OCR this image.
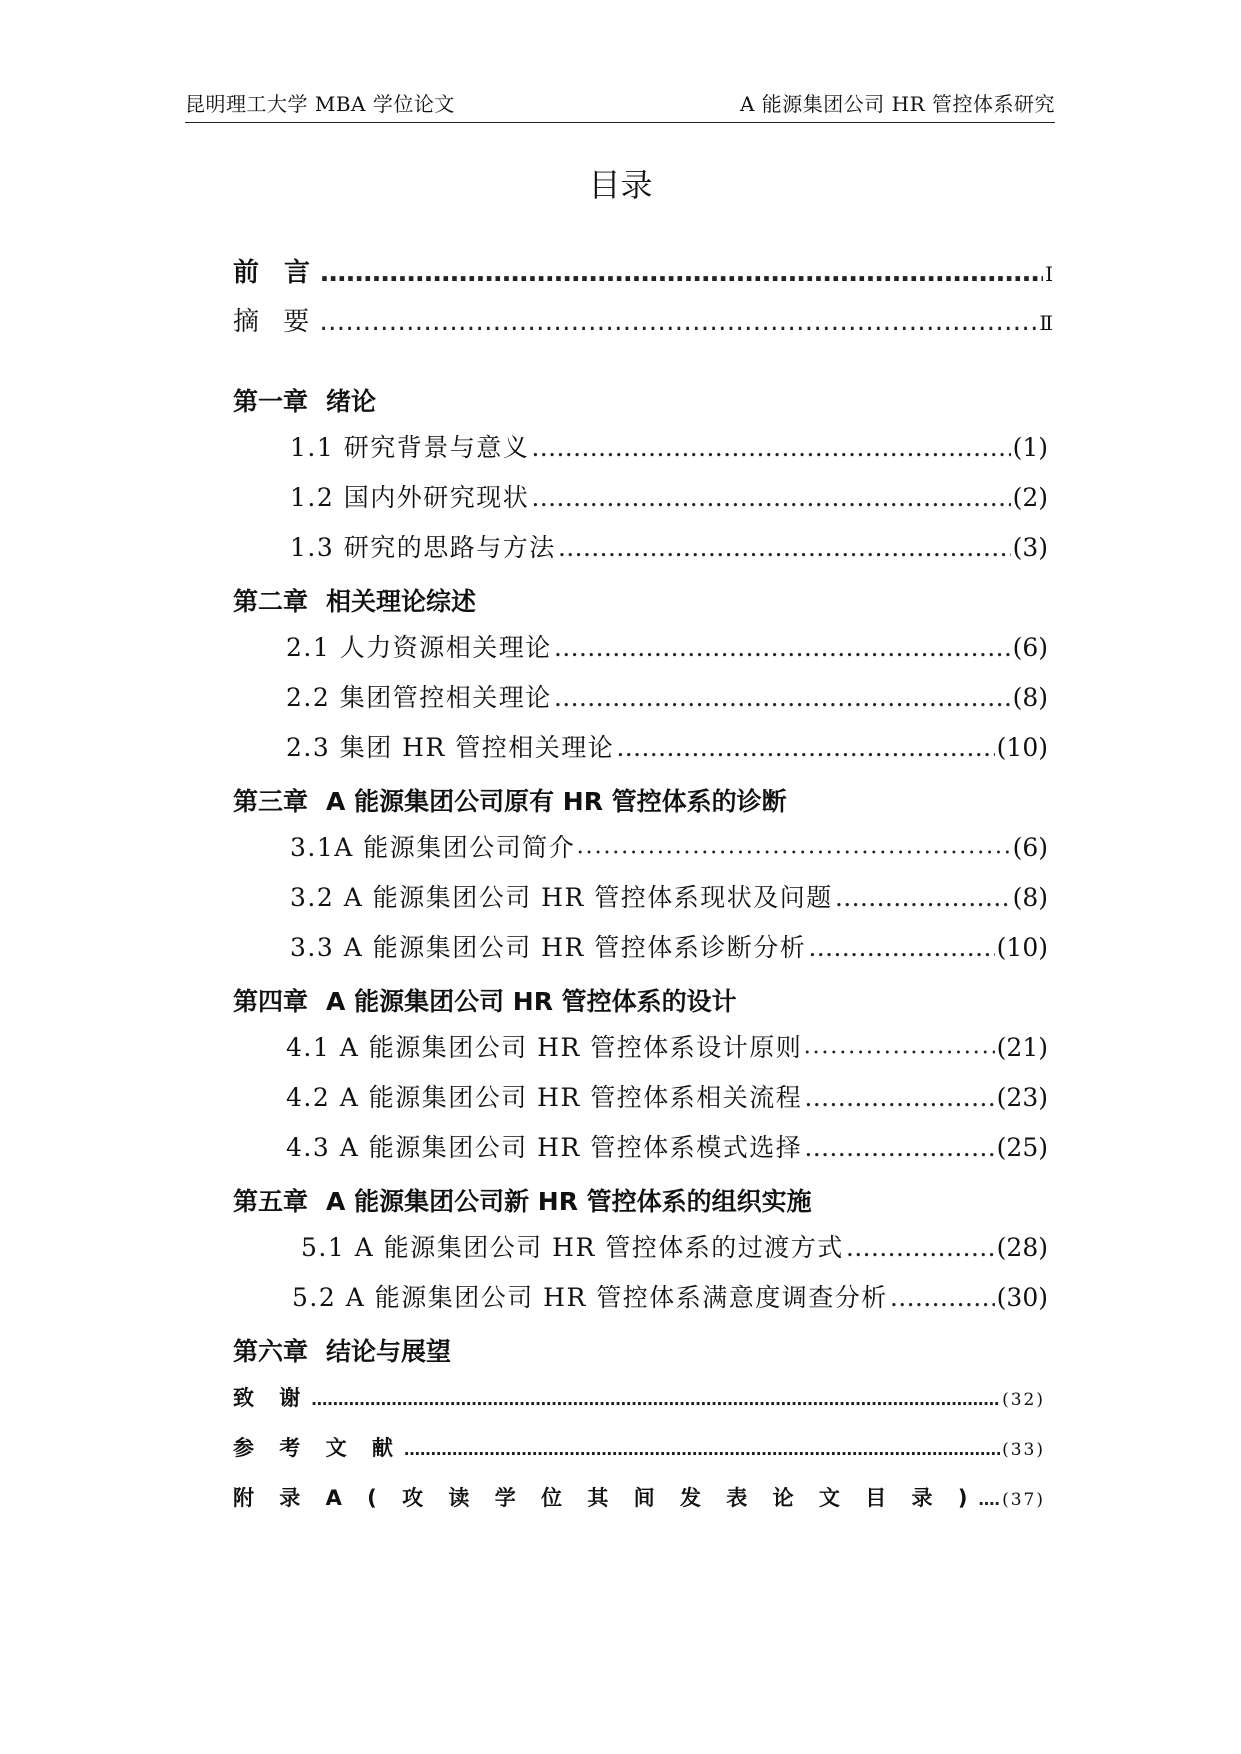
昆明理工大学 MBA 学位论文	A 能源集团公司 HR 管控体系研究
目录
前 言 ………………………………………………………………………………………………………………………………………………………………………………………………………………	Ⅰ
摘 要 ………………………………………………………………………………………………………………………………………………………………………………………………………………	Ⅱ
第一章 绪论
1.1 研究背景与意义 ………………………………………………………………………………………………………………………………………………………………………………………………………………	(1)
1.2 国内外研究现状 ………………………………………………………………………………………………………………………………………………………………………………………………………………	(2)
1.3 研究的思路与方法 ………………………………………………………………………………………………………………………………………………………………………………………………………………	(3)
第二章 相关理论综述
2.1 人力资源相关理论 ………………………………………………………………………………………………………………………………………………………………………………………………………………	(6)
2.2 集团管控相关理论 ………………………………………………………………………………………………………………………………………………………………………………………………………………	(8)
2.3 集团 HR 管控相关理论 ………………………………………………………………………………………………………………………………………………………………………………………………………………	(10)
第三章 A 能源集团公司原有 HR 管控体系的诊断
3.1A 能源集团公司简介 •••••	(6)
3.2 A 能源集团公司 HR 管控体系现状及问题 ………………………………………………………………………………………………………………………………………………………………………………………………………………	(8)
3.3 A 能源集团公司 HR 管控体系诊断分析 ………………………………………………………………………………………………………………………………………………………………………………………………………………	(10)
第四章 A 能源集团公司 HR 管控体系的设计
4.1 A 能源集团公司 HR 管控体系设计原则 •••••	(21)
4.2 A 能源集团公司 HR 管控体系相关流程 ………………………………………………………………………………………………………………………………………………………………………………………………………………	(23)
4.3 A 能源集团公司 HR 管控体系模式选择 ………………………………………………………………………………………………………………………………………………………………………………………………………………	(25)
第五章 A 能源集团公司新 HR 管控体系的组织实施
5.1 A 能源集团公司 HR 管控体系的过渡方式 ………………………………………………………………………………………………………………………………………………………………………………………………………………	(28)
5.2 A 能源集团公司 HR 管控体系满意度调查分析 ………………………………………………………………………………………………………………………………………………………………………………………………………………	(30)
第六章 结论与展望
致 谢 ………………………………………………………………………………………………………………………………………………………………………………………………………………	(32)
参 考 文 献 ………………………………………………………………………………………………………………………………………………………………………………………………………………	(33)
附 录 A ( 攻 读 学 位 其 间 发 表 论 文 目 录 ) ……………………………………………………………………………………………………………………………………………………………………………………………………………… (37)
